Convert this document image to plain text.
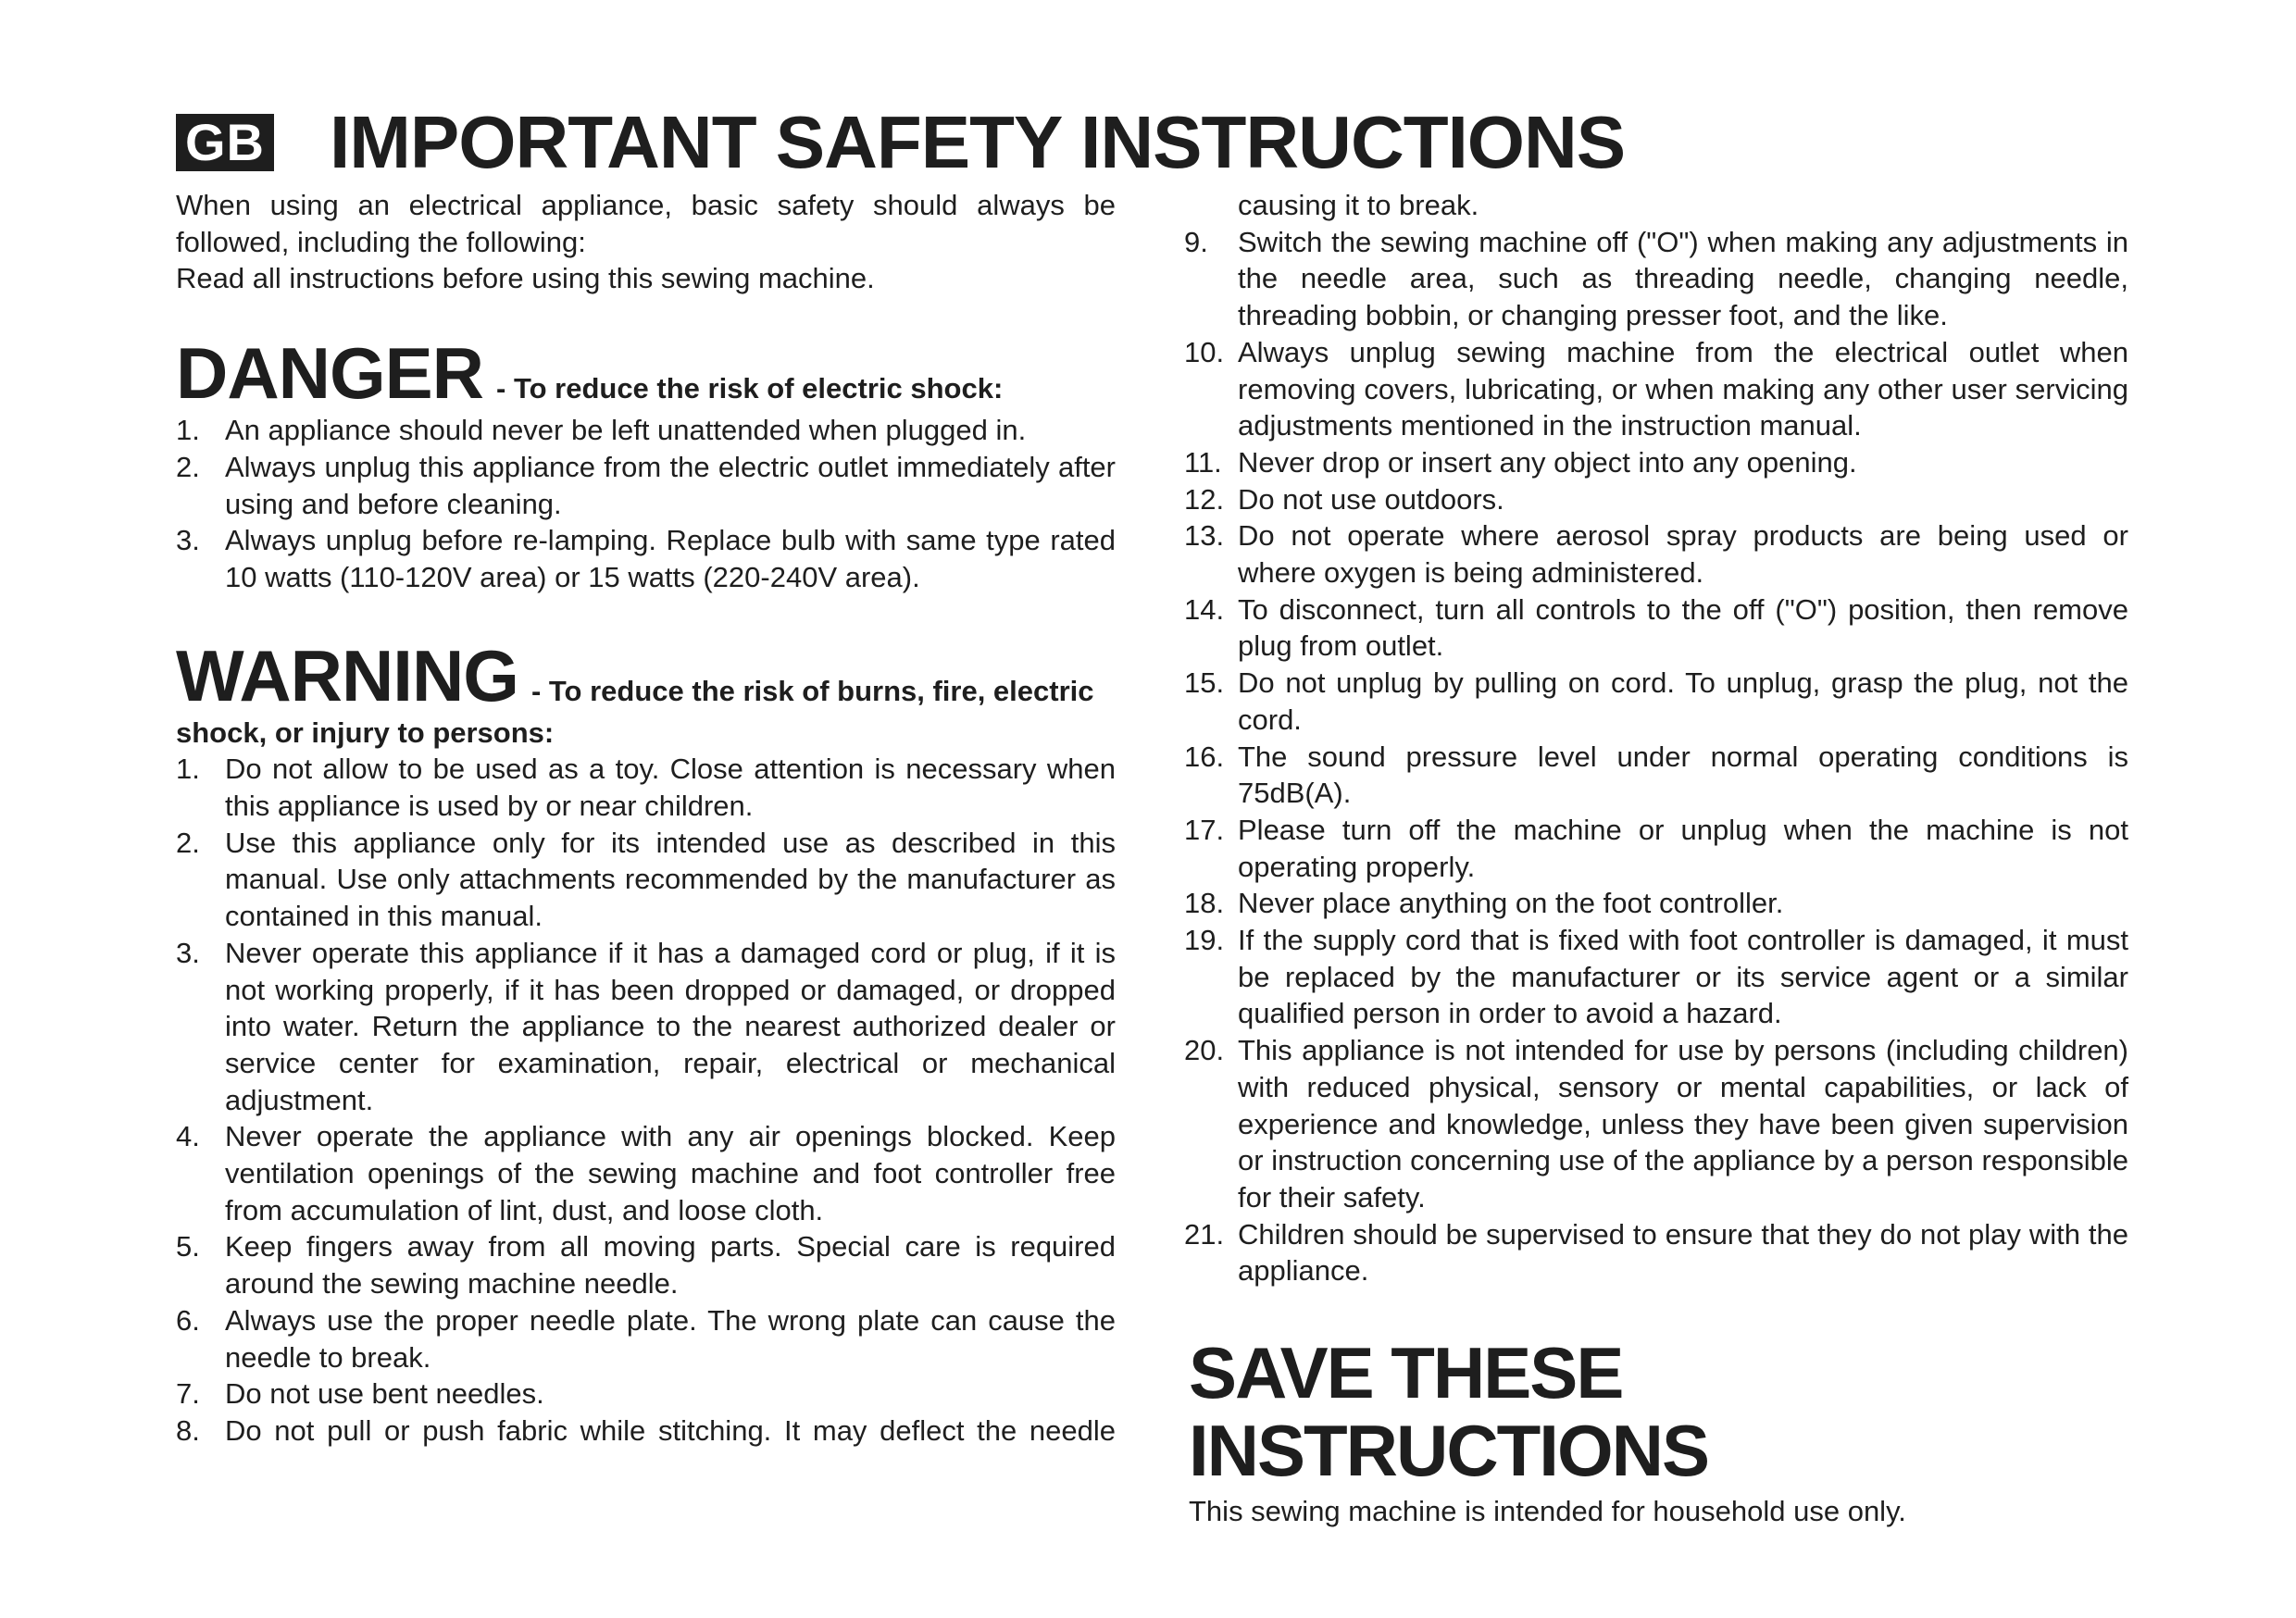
GB IMPORTANT SAFETY INSTRUCTIONS

When using an electrical appliance, basic safety should always be followed, including the following:

Read all instructions before using this sewing machine.

DANGER - To reduce the risk of electric shock:

1. An appliance should never be left unattended when plugged in.
2. Always unplug this appliance from the electric outlet immediately after using and before cleaning.
3. Always unplug before re-lamping. Replace bulb with same type rated 10 watts (110-120V area) or 15 watts (220-240V area).

WARNING - To reduce the risk of burns, fire, electric

shock, or injury to persons:

1. Do not allow to be used as a toy. Close attention is necessary when this appliance is used by or near children.
2. Use this appliance only for its intended use as described in this manual. Use only attachments recommended by the manufacturer as contained in this manual.
3. Never operate this appliance if it has a damaged cord or plug, if it is not working properly, if it has been dropped or damaged, or dropped into water. Return the appliance to the nearest authorized dealer or service center for examination, repair, electrical or mechanical adjustment.
4. Never operate the appliance with any air openings blocked. Keep ventilation openings of the sewing machine and foot controller free from accumulation of lint, dust, and loose cloth.
5. Keep fingers away from all moving parts. Special care is required around the sewing machine needle.
6. Always use the proper needle plate. The wrong plate can cause the needle to break.
7. Do not use bent needles.
8. Do not pull or push fabric while stitching. It may deflect the needle

causing it to break.

9. Switch the sewing machine off ("O") when making any adjustments in the needle area, such as threading needle, changing needle, threading bobbin, or changing presser foot, and the like.
10. Always unplug sewing machine from the electrical outlet when removing covers, lubricating, or when making any other user servicing adjustments mentioned in the instruction manual.
11. Never drop or insert any object into any opening.
12. Do not use outdoors.
13. Do not operate where aerosol spray products are being used or where oxygen is being administered.
14. To disconnect, turn all controls to the off ("O") position, then remove plug from outlet.
15. Do not unplug by pulling on cord. To unplug, grasp the plug, not the cord.
16. The sound pressure level under normal operating conditions is 75dB(A).
17. Please turn off the machine or unplug when the machine is not operating properly.
18. Never place anything on the foot controller.
19. If the supply cord that is fixed with foot controller is damaged, it must be replaced by the manufacturer or its service agent or a similar qualified person in order to avoid a hazard.
20. This appliance is not intended for use by persons (including children) with reduced physical, sensory or mental capabilities, or lack of experience and knowledge, unless they have been given supervision or instruction concerning use of the appliance by a person responsible for their safety.
21. Children should be supervised to ensure that they do not play with the appliance.

SAVE THESE INSTRUCTIONS

This sewing machine is intended for household use only.
